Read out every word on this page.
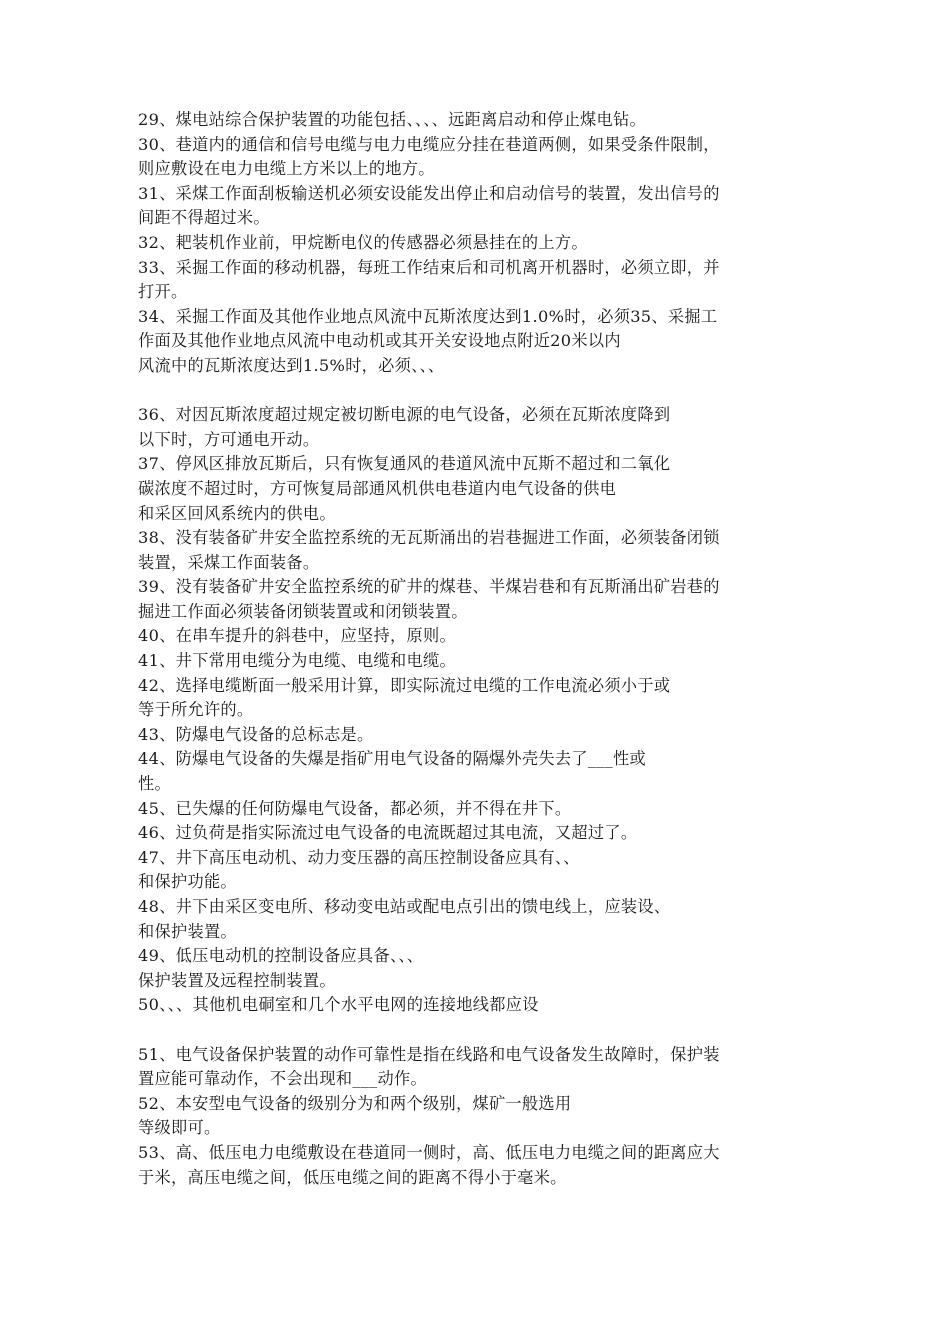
29、煤电站综合保护装置的功能包括、、、、远距离启动和停止煤电钻。
30、巷道内的通信和信号电缆与电力电缆应分挂在巷道两侧，如果受条件限制，
则应敷设在电力电缆上方米以上的地方。
31、采煤工作面刮板输送机必须安设能发出停止和启动信号的装置，发出信号的
间距不得超过米。
32、耙装机作业前，甲烷断电仪的传感器必须悬挂在的上方。
33、采掘工作面的移动机器，每班工作结束后和司机离开机器时，必须立即，并
打开。
34、采掘工作面及其他作业地点风流中瓦斯浓度达到1.0%时，必须35、采掘工
作面及其他作业地点风流中电动机或其开关安设地点附近20米以内
风流中的瓦斯浓度达到1.5%时，必须、、、
36、对因瓦斯浓度超过规定被切断电源的电气设备，必须在瓦斯浓度降到
以下时，方可通电开动。
37、停风区排放瓦斯后，只有恢复通风的巷道风流中瓦斯不超过和二氧化
碳浓度不超过时，方可恢复局部通风机供电巷道内电气设备的供电
和采区回风系统内的供电。
38、没有装备矿井安全监控系统的无瓦斯涌出的岩巷掘进工作面，必须装备闭锁
装置，采煤工作面装备。
39、没有装备矿井安全监控系统的矿井的煤巷、半煤岩巷和有瓦斯涌出矿岩巷的
掘进工作面必须装备闭锁装置或和闭锁装置。
40、在串车提升的斜巷中，应坚持，原则。
41、井下常用电缆分为电缆、电缆和电缆。
42、选择电缆断面一般采用计算，即实际流过电缆的工作电流必须小于或
等于所允许的。
43、防爆电气设备的总标志是。
44、防爆电气设备的失爆是指矿用电气设备的隔爆外壳失去了___性或
性。
45、已失爆的任何防爆电气设备，都必须，并不得在井下。
46、过负荷是指实际流过电气设备的电流既超过其电流，又超过了。
47、井下高压电动机、动力变压器的高压控制设备应具有、、
和保护功能。
48、井下由采区变电所、移动变电站或配电点引出的馈电线上，应装设、
和保护装置。
49、低压电动机的控制设备应具备、、、
保护装置及远程控制装置。
50、、、其他机电硐室和几个水平电网的连接地线都应设
51、电气设备保护装置的动作可靠性是指在线路和电气设备发生故障时，保护装
置应能可靠动作，不会出现和___动作。
52、本安型电气设备的级别分为和两个级别，煤矿一般选用
等级即可。
53、高、低压电力电缆敷设在巷道同一侧时，高、低压电力电缆之间的距离应大
于米，高压电缆之间，低压电缆之间的距离不得小于毫米。
